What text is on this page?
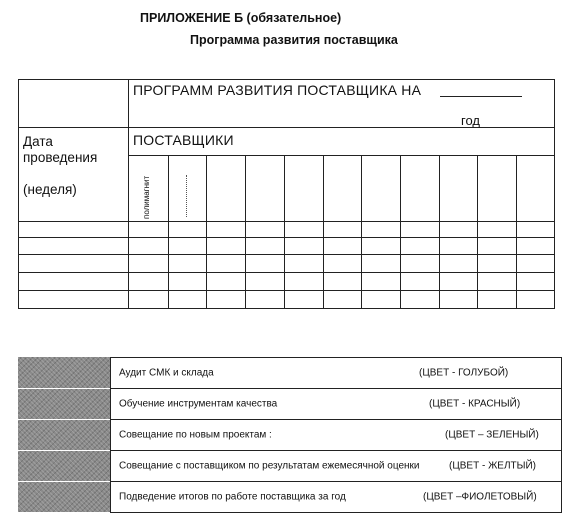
ПРИЛОЖЕНИЕ Б (обязательное)
Программа развития поставщика
ПРОГРАММ РАЗВИТИЯ ПОСТАВЩИКА НА
год
Дата
проведения
(неделя)
ПОСТАВЩИКИ
полимагнит
Аудит СМК и склада	(ЦВЕТ - ГОЛУБОЙ)
Обучение инструментам качества	(ЦВЕТ - КРАСНЫЙ)
Совещание по новым проектам :	(ЦВЕТ – ЗЕЛЕНЫЙ)
Совещание с поставщиком по результатам ежемесячной оценки	(ЦВЕТ - ЖЕЛТЫЙ)
Подведение итогов по работе поставщика за год	(ЦВЕТ –ФИОЛЕТОВЫЙ)
